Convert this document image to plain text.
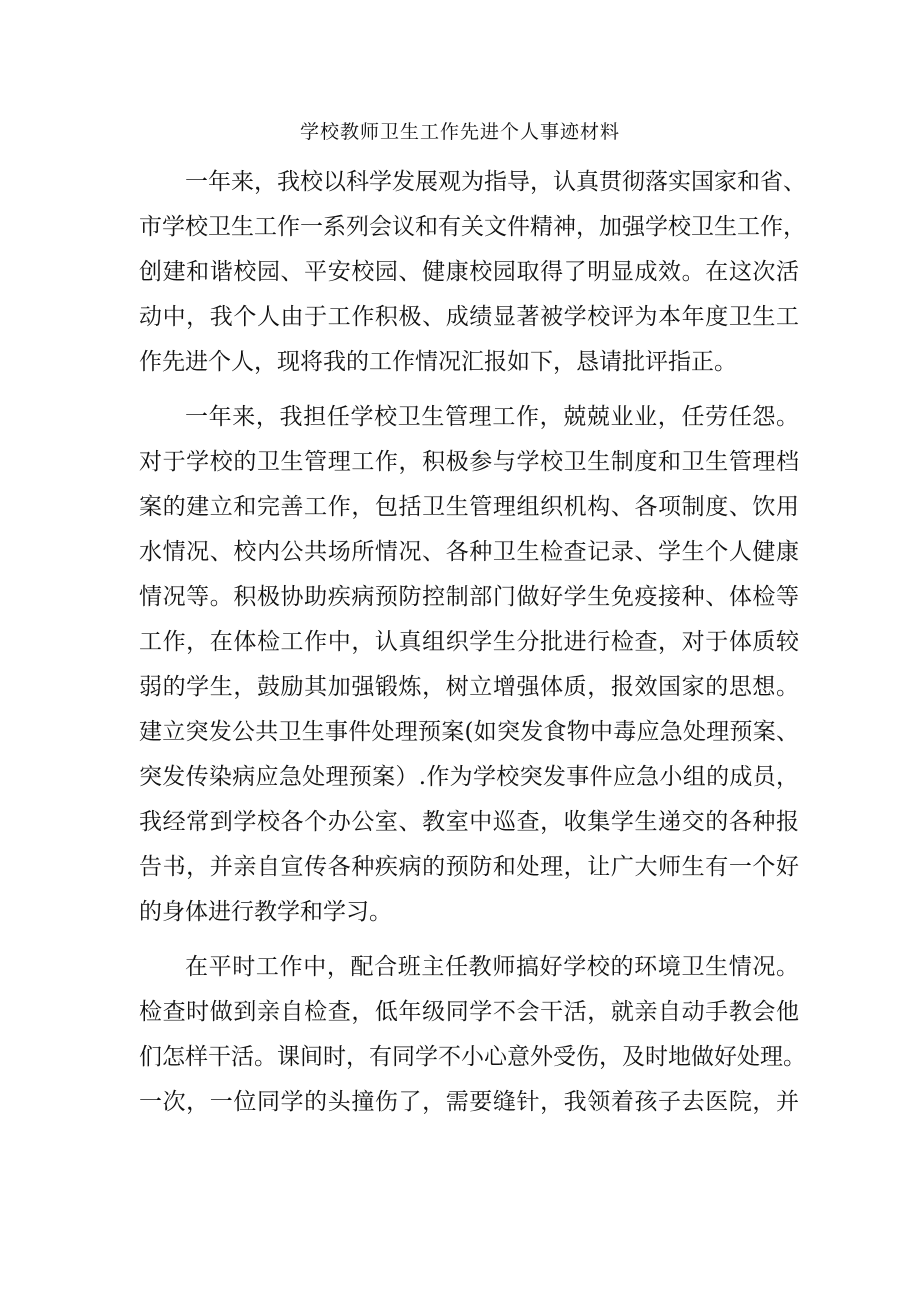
学校教师卫生工作先进个人事迹材料
一年来，我校以科学发展观为指导，认真贯彻落实国家和省、
市学校卫生工作一系列会议和有关文件精神，加强学校卫生工作，
创建和谐校园、平安校园、健康校园取得了明显成效。在这次活
动中，我个人由于工作积极、成绩显著被学校评为本年度卫生工
作先进个人，现将我的工作情况汇报如下，恳请批评指正。
一年来，我担任学校卫生管理工作，兢兢业业，任劳任怨。
对于学校的卫生管理工作，积极参与学校卫生制度和卫生管理档
案的建立和完善工作，包括卫生管理组织机构、各项制度、饮用
水情况、校内公共场所情况、各种卫生检查记录、学生个人健康
情况等。积极协助疾病预防控制部门做好学生免疫接种、体检等
工作，在体检工作中，认真组织学生分批进行检查，对于体质较
弱的学生，鼓励其加强锻炼，树立增强体质，报效国家的思想。
建立突发公共卫生事件处理预案(如突发食物中毒应急处理预案、
突发传染病应急处理预案）.作为学校突发事件应急小组的成员，
我经常到学校各个办公室、教室中巡查，收集学生递交的各种报
告书，并亲自宣传各种疾病的预防和处理，让广大师生有一个好
的身体进行教学和学习。
在平时工作中，配合班主任教师搞好学校的环境卫生情况。
检查时做到亲自检查，低年级同学不会干活，就亲自动手教会他
们怎样干活。课间时，有同学不小心意外受伤，及时地做好处理。
一次，一位同学的头撞伤了，需要缝针，我领着孩子去医院，并
